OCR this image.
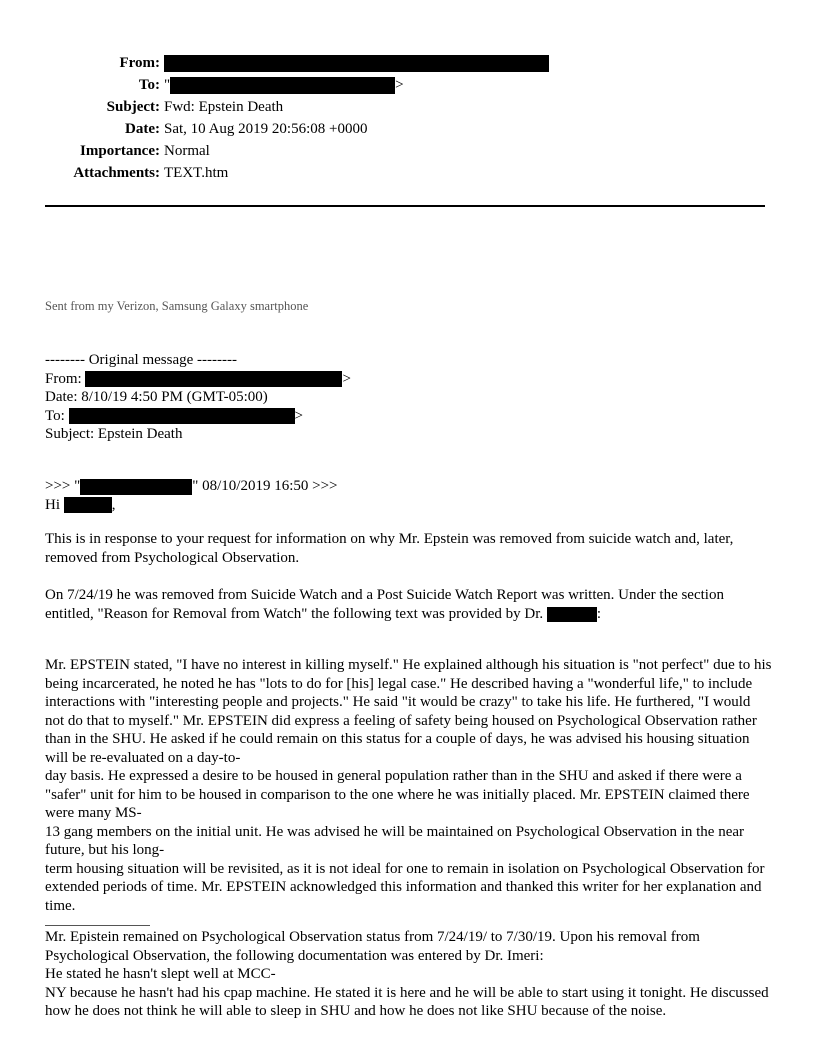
From:
To: "	>
Subject: Fwd: Epstein Death
Date: Sat, 10 Aug 2019 20:56:08 +0000
Importance: Normal
Attachments: TEXT.htm
Sent from my Verizon, Samsung Galaxy smartphone

-------- Original message --------

From:	>

Date: 8/10/19 4:50 PM (GMT-05:00)

To:	>

Subject: Epstein Death

>>> "	" 08/10/2019 16:50 >>>

Hi	,

This is in response to your request for information on why Mr. Epstein was removed from suicide watch and, later, removed from Psychological Observation.
On 7/24/19 he was removed from Suicide Watch and a Post Suicide Watch Report was written. Under the section entitled, "Reason for Removal from Watch" the following text was provided by Dr.	:

Mr. EPSTEIN stated, "I have no interest in killing myself." He explained although his situation is "not perfect" due to his being incarcerated, he noted he has "lots to do for [his] legal case." He described having a "wonderful life," to include interactions with "interesting people and projects." He said "it would be crazy" to take his life. He furthered, "I would not do that to myself." Mr. EPSTEIN did express a feeling of safety being housed on Psychological Observation rather than in the SHU. He asked if he could remain on this status for a couple of days, he was advised his housing situation will be re-evaluated on a day-to-

day basis. He expressed a desire to be housed in general population rather than in the SHU and asked if there were a "safer" unit for him to be housed in comparison to the one where he was initially placed. Mr. EPSTEIN claimed there were many MS-

13 gang members on the initial unit. He was advised he will be maintained on Psychological Observation in the near future, but his long-

term housing situation will be revisited, as it is not ideal for one to remain in isolation on Psychological Observation for extended periods of time. Mr. EPSTEIN acknowledged this information and thanked this writer for her explanation and time.

Mr. Epistein remained on Psychological Observation status from 7/24/19/ to 7/30/19. Upon his removal from Psychological Observation, the following documentation was entered by Dr. Imeri:

He stated he hasn't slept well at MCC-

NY because he hasn't had his cpap machine. He stated it is here and he will be able to start using it tonight. He discussed how he does not think he will able to sleep in SHU and how he does not like SHU because of the noise.
